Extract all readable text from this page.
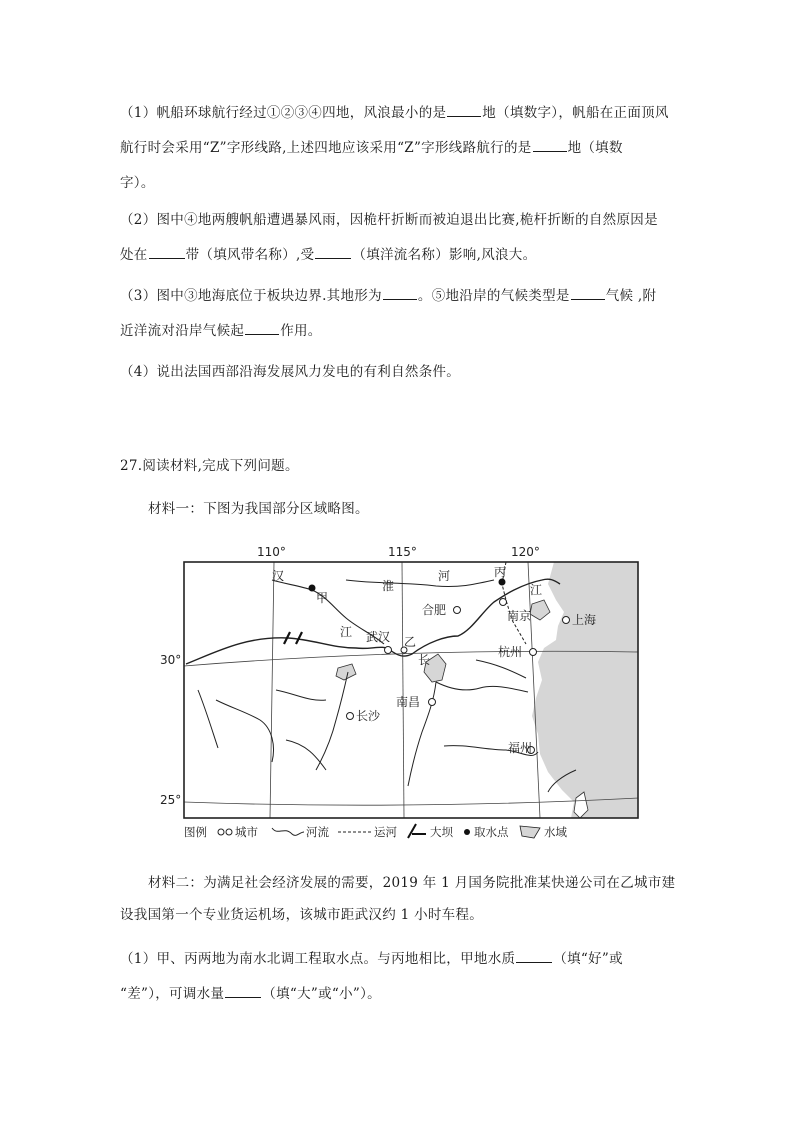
（1）帆船环球航行经过①②③④四地，风浪最小的是	地（填数字），帆船在正面顶风
航行时会采用“Z”字形线路,上述四地应该采用“Z”字形线路航行的是	地（填数
字）。

（2）图中④地两艘帆船遭遇暴风雨，因桅杆折断而被迫退出比赛,桅杆折断的自然原因是
处在	带（填风带名称）,受	（填洋流名称）影响,风浪大。

（3）图中③地海底位于板块边界.其地形为	。⑤地沿岸的气候类型是	气候 ,附
近洋流对沿岸气候起	作用。

（4）说出法国西部沿海发展风力发电的有利自然条件。

27.阅读材料,完成下列问题。

材料一：下图为我国部分区域略图。

110°	115°	120°
30°
25°
甲
丙
乙
武汉
合肥	南京	上海
杭州
南昌
长沙
福州
汉
江
长
淮
河
江
图例 城市	河流	运河	大坝 取水点	水域

材料二：为满足社会经济发展的需要，2019 年 1 月国务院批准某快递公司在乙城市建

设我国第一个专业货运机场，该城市距武汉约 1 小时车程。

（1）甲、丙两地为南水北调工程取水点。与丙地相比，甲地水质	（填“好”或
“差”），可调水量	（填“大”或“小”）。
